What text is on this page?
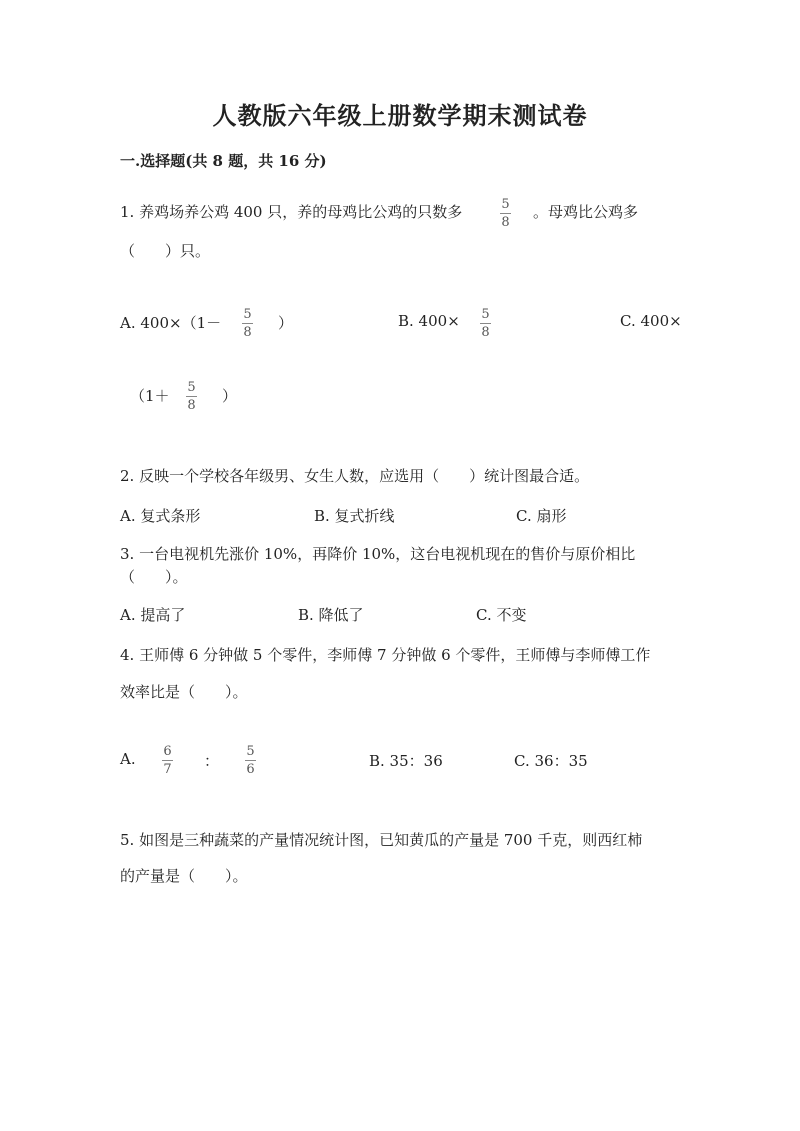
人教版六年级上册数学期末测试卷
一.选择题(共 8 题，共 16 分)
1. 养鸡场养公鸡 400 只，养的母鸡比公鸡的只数多	5
8
。母鸡比公鸡多
（　　）只。
A. 400×（1－ 5
8
）	B. 400× 5
8
C. 400×
（1＋ 5
8
）
2. 反映一个学校各年级男、女生人数，应选用（　　）统计图最合适。
A. 复式条形	B. 复式折线	C. 扇形
3. 一台电视机先涨价 10%，再降价 10%，这台电视机现在的售价与原价相比
（　　）。
A. 提高了	B. 降低了	C. 不变
4. 王师傅 6 分钟做 5 个零件，李师傅 7 分钟做 6 个零件，王师傅与李师傅工作
效率比是（　　）。
A. 6
7 ：
5
6	B. 35：36	C. 36：35
5. 如图是三种蔬菜的产量情况统计图，已知黄瓜的产量是 700 千克，则西红柿
的产量是（　　）。
